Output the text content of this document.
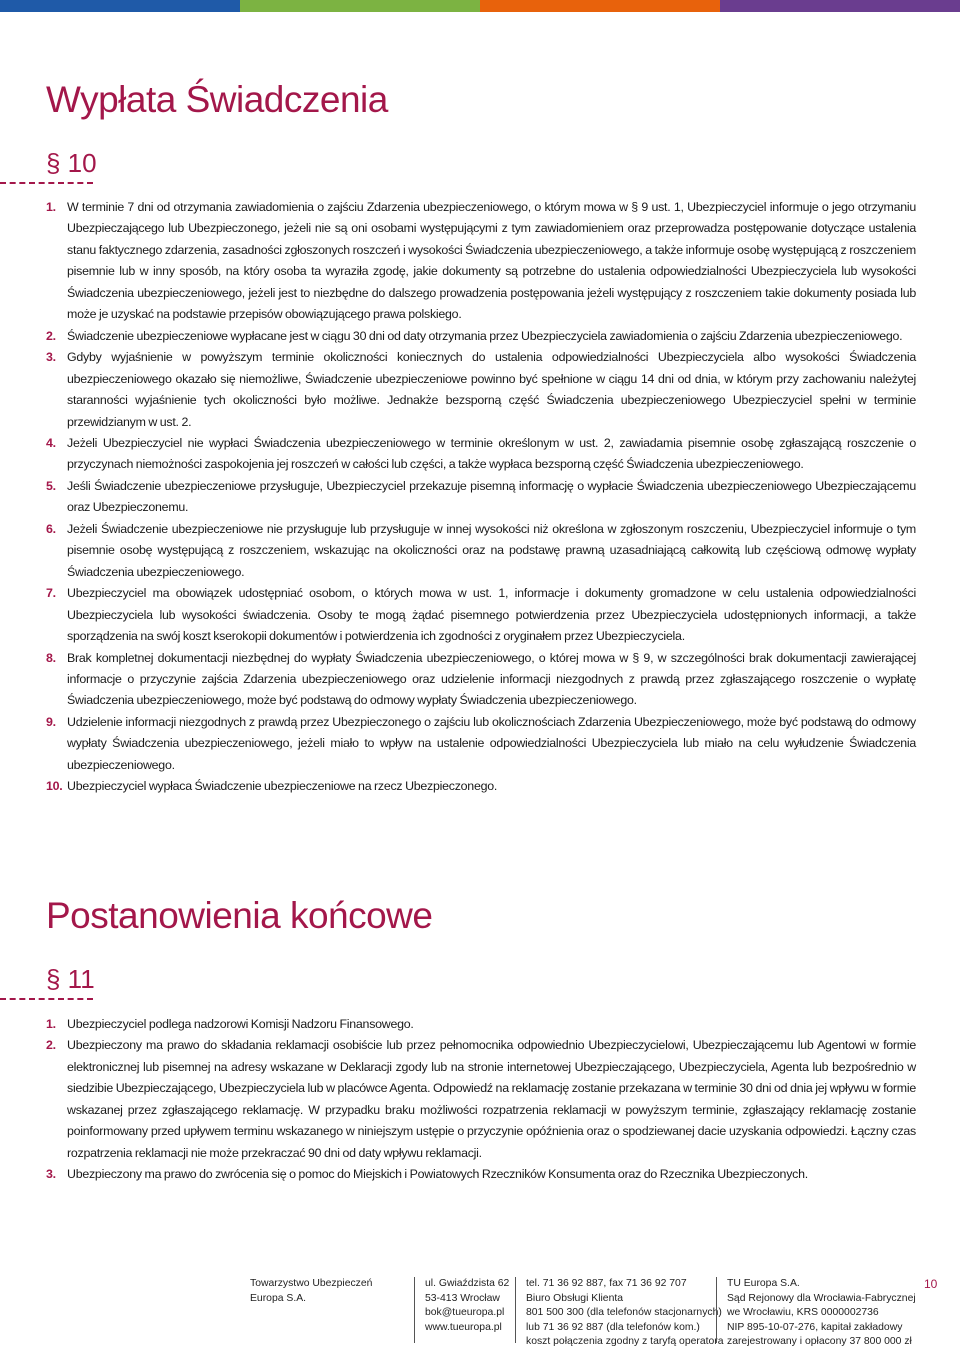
Wypłata Świadczenia
§ 10
1. W terminie 7 dni od otrzymania zawiadomienia o zajściu Zdarzenia ubezpieczeniowego, o którym mowa w § 9 ust. 1, Ubezpieczyciel informuje o jego otrzymaniu Ubezpieczającego lub Ubezpieczonego, jeżeli nie są oni osobami występującymi z tym zawiadomieniem oraz przeprowadza postępowanie dotyczące ustalenia stanu faktycznego zdarzenia, zasadności zgłoszonych roszczeń i wysokości Świadczenia ubezpieczeniowego, a także informuje osobę występującą z roszczeniem pisemnie lub w inny sposób, na który osoba ta wyraziła zgodę, jakie dokumenty są potrzebne do ustalenia odpowiedzialności Ubezpieczyciela lub wysokości Świadczenia ubezpieczeniowego, jeżeli jest to niezbędne do dalszego prowadzenia postępowania jeżeli występujący z roszczeniem takie dokumenty posiada lub może je uzyskać na podstawie przepisów obowiązującego prawa polskiego.
2. Świadczenie ubezpieczeniowe wypłacane jest w ciągu 30 dni od daty otrzymania przez Ubezpieczyciela zawiadomienia o zajściu Zdarzenia ubezpieczeniowego.
3. Gdyby wyjaśnienie w powyższym terminie okoliczności koniecznych do ustalenia odpowiedzialności Ubezpieczyciela albo wysokości Świadczenia ubezpieczeniowego okazało się niemożliwe, Świadczenie ubezpieczeniowe powinno być spełnione w ciągu 14 dni od dnia, w którym przy zachowaniu należytej staranności wyjaśnienie tych okoliczności było możliwe. Jednakże bezsporną część Świadczenia ubezpieczeniowego Ubezpieczyciel spełni w terminie przewidzianym w ust. 2.
4. Jeżeli Ubezpieczyciel nie wypłaci Świadczenia ubezpieczeniowego w terminie określonym w ust. 2, zawiadamia pisemnie osobę zgłaszającą roszczenie o przyczynach niemożności zaspokojenia jej roszczeń w całości lub części, a także wypłaca bezsporną część Świadczenia ubezpieczeniowego.
5. Jeśli Świadczenie ubezpieczeniowe przysługuje, Ubezpieczyciel przekazuje pisemną informację o wypłacie Świadczenia ubezpieczeniowego Ubezpieczającemu oraz Ubezpieczonemu.
6. Jeżeli Świadczenie ubezpieczeniowe nie przysługuje lub przysługuje w innej wysokości niż określona w zgłoszonym roszczeniu, Ubezpieczyciel informuje o tym pisemnie osobę występującą z roszczeniem, wskazując na okoliczności oraz na podstawę prawną uzasadniającą całkowitą lub częściową odmowę wypłaty Świadczenia ubezpieczeniowego.
7. Ubezpieczyciel ma obowiązek udostępniać osobom, o których mowa w ust. 1, informacje i dokumenty gromadzone w celu ustalenia odpowiedzialności Ubezpieczyciela lub wysokości świadczenia. Osoby te mogą żądać pisemnego potwierdzenia przez Ubezpieczyciela udostępnionych informacji, a także sporządzenia na swój koszt kserokopii dokumentów i potwierdzenia ich zgodności z oryginałem przez Ubezpieczyciela.
8. Brak kompletnej dokumentacji niezbędnej do wypłaty Świadczenia ubezpieczeniowego, o której mowa w § 9, w szczególności brak dokumentacji zawierającej informacje o przyczynie zajścia Zdarzenia ubezpieczeniowego oraz udzielenie informacji niezgodnych z prawdą przez zgłaszającego roszczenie o wypłatę Świadczenia ubezpieczeniowego, może być podstawą do odmowy wypłaty Świadczenia ubezpieczeniowego.
9. Udzielenie informacji niezgodnych z prawdą przez Ubezpieczonego o zajściu lub okolicznościach Zdarzenia Ubezpieczeniowego, może być podstawą do odmowy wypłaty Świadczenia ubezpieczeniowego, jeżeli miało to wpływ na ustalenie odpowiedzialności Ubezpieczyciela lub miało na celu wyłudzenie Świadczenia ubezpieczeniowego.
10. Ubezpieczyciel wypłaca Świadczenie ubezpieczeniowe na rzecz Ubezpieczonego.
Postanowienia końcowe
§ 11
1. Ubezpieczyciel podlega nadzorowi Komisji Nadzoru Finansowego.
2. Ubezpieczony ma prawo do składania reklamacji osobiście lub przez pełnomocnika odpowiednio Ubezpieczycielowi, Ubezpieczającemu lub Agentowi w formie elektronicznej lub pisemnej na adresy wskazane w Deklaracji zgody lub na stronie internetowej Ubezpieczającego, Ubezpieczyciela, Agenta lub bezpośrednio w siedzibie Ubezpieczającego, Ubezpieczyciela lub w placówce Agenta. Odpowiedź na reklamację zostanie przekazana w terminie 30 dni od dnia jej wpływu w formie wskazanej przez zgłaszającego reklamację. W przypadku braku możliwości rozpatrzenia reklamacji w powyższym terminie, zgłaszający reklamację zostanie poinformowany przed upływem terminu wskazanego w niniejszym ustępie o przyczynie opóźnienia oraz o spodziewanej dacie uzyskania odpowiedzi. Łączny czas rozpatrzenia reklamacji nie może przekraczać 90 dni od daty wpływu reklamacji.
3. Ubezpieczony ma prawo do zwrócenia się o pomoc do Miejskich i Powiatowych Rzeczników Konsumenta oraz do Rzecznika Ubezpieczonych.
Towarzystwo Ubezpieczeń
Europa S.A.
ul. Gwiaździsta 62
53-413 Wrocław
bok@tueuropa.pl
www.tueuropa.pl
tel. 71 36 92 887, fax 71 36 92 707
Biuro Obsługi Klienta
801 500 300 (dla telefonów stacjonarnych)
lub 71 36 92 887 (dla telefonów kom.)
koszt połączenia zgodny z taryfą operatora
TU Europa S.A.
Sąd Rejonowy dla Wrocławia-Fabrycznej
we Wrocławiu, KRS 0000002736
NIP 895-10-07-276, kapitał zakładowy
zarejestrowany i opłacony 37 800 000 zł
10
